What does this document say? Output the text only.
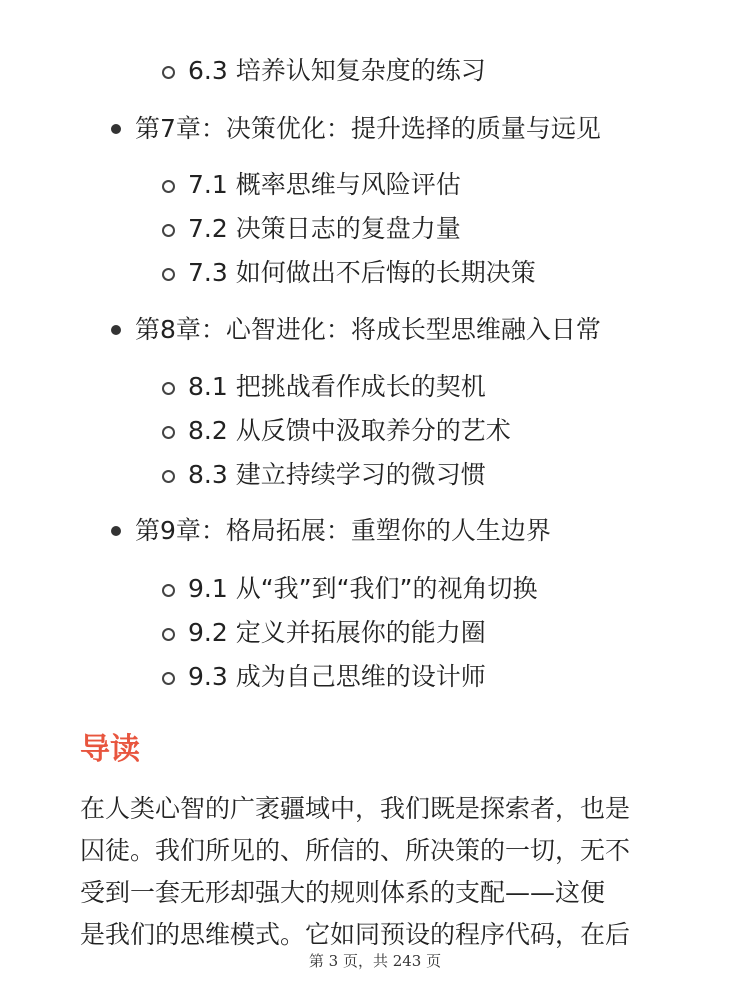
6.3 培养认知复杂度的练习
第7章：决策优化：提升选择的质量与远见
7.1 概率思维与风险评估
7.2 决策日志的复盘力量
7.3 如何做出不后悔的长期决策
第8章：心智进化：将成长型思维融入日常
8.1 把挑战看作成长的契机
8.2 从反馈中汲取养分的艺术
8.3 建立持续学习的微习惯
第9章：格局拓展：重塑你的人生边界
9.1 从“我”到“我们”的视角切换
9.2 定义并拓展你的能力圈
9.3 成为自己思维的设计师
导读

在人类心智的广袤疆域中，我们既是探索者，也是
囚徒。我们所见的、所信的、所决策的一切，无不
受到一套无形却强大的规则体系的支配——这便
是我们的思维模式。它如同预设的程序代码，在后

第 3 页，共 243 页
